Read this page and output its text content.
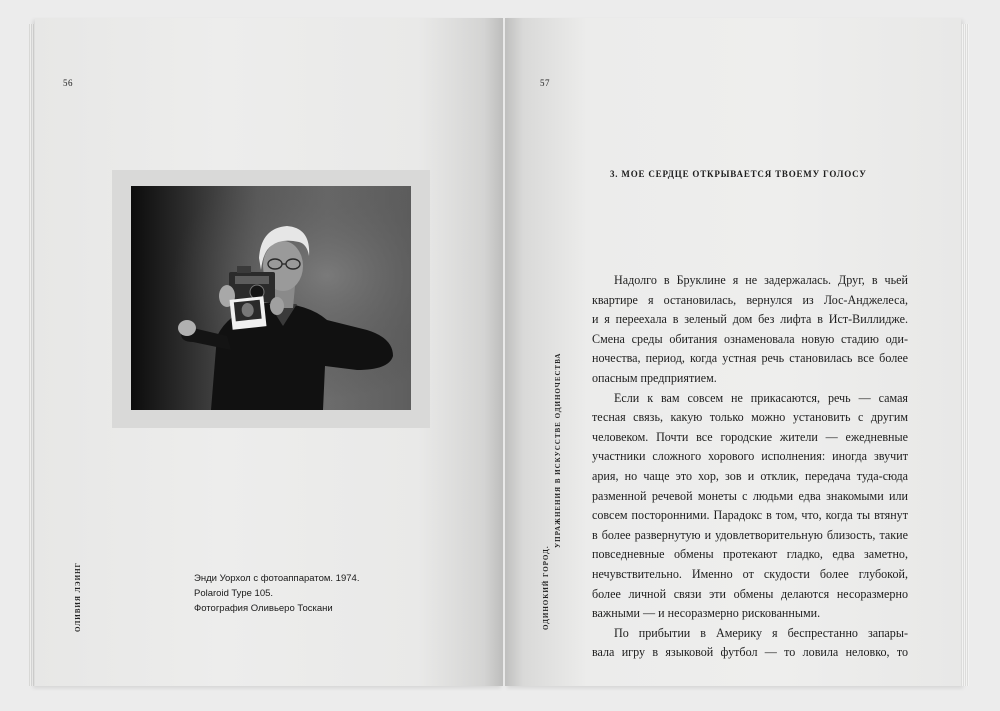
56
Энди Уорхол с фотоаппаратом. 1974.
Polaroid Type 105.
Фотография Оливьеро Тоскани
ОЛИВИЯ ЛЭИНГ
57
ОДИНОКИЙ ГОРОД.
УПРАЖНЕНИЯ В ИСКУССТВЕ ОДИНОЧЕСТВА
3. МОЕ СЕРДЦЕ ОТКРЫВАЕТСЯ ТВОЕМУ ГОЛОСУ
Надолго в Бруклине я не задержалась. Друг, в чьей
квартире я остановилась, вернулся из Лос-Анджелеса,
и я переехала в зеленый дом без лифта в Ист-Виллидже.
Смена среды обитания ознаменовала новую стадию оди-
ночества, период, когда устная речь становилась все более
опасным предприятием.
Если к вам совсем не прикасаются, речь — самая
тесная связь, какую только можно установить с другим
человеком. Почти все городские жители — ежедневные
участники сложного хорового исполнения: иногда звучит
ария, но чаще это хор, зов и отклик, передача туда-сюда
разменной речевой монеты с людьми едва знакомыми или
совсем посторонними. Парадокс в том, что, когда ты втянут
в более развернутую и удовлетворительную близость, такие
повседневные обмены протекают гладко, едва заметно,
нечувствительно. Именно от скудости более глубокой,
более личной связи эти обмены делаются несоразмерно
важными — и несоразмерно рискованными.
По прибытии в Америку я беспрестанно запары-
вала игру в языковой футбол — то ловила неловко, то
